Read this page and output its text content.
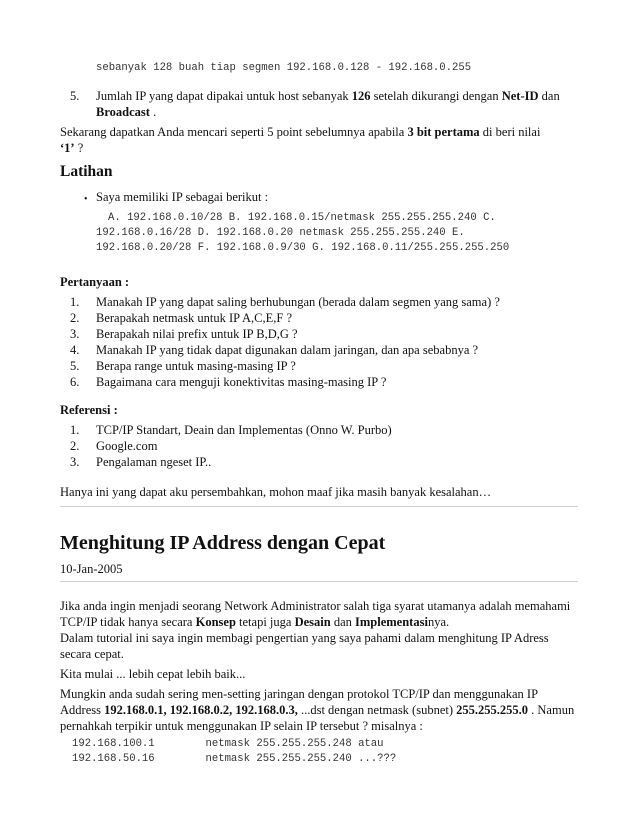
sebanyak 128 buah tiap segmen 192.168.0.128 - 192.168.0.255
5. Jumlah IP yang dapat dipakai untuk host sebanyak 126 setelah dikurangi dengan Net-ID dan
Broadcast .
Sekarang dapatkan Anda mencari seperti 5 point sebelumnya apabila 3 bit pertama di beri nilai
‘1’ ?
Latihan
• Saya memiliki IP sebagai berikut :
A. 192.168.0.10/28 B. 192.168.0.15/netmask 255.255.255.240 C.
192.168.0.16/28 D. 192.168.0.20 netmask 255.255.255.240 E.
192.168.0.20/28 F. 192.168.0.9/30 G. 192.168.0.11/255.255.255.250
Pertanyaan :
1. Manakah IP yang dapat saling berhubungan (berada dalam segmen yang sama) ?
2. Berapakah netmask untuk IP A,C,E,F ?
3. Berapakah nilai prefix untuk IP B,D,G ?
4. Manakah IP yang tidak dapat digunakan dalam jaringan, dan apa sebabnya ?
5. Berapa range untuk masing-masing IP ?
6. Bagaimana cara menguji konektivitas masing-masing IP ?
Referensi :
1. TCP/IP Standart, Deain dan Implementas (Onno W. Purbo)
2. Google.com
3. Pengalaman ngeset IP..
Hanya ini yang dapat aku persembahkan, mohon maaf jika masih banyak kesalahan…
Menghitung IP Address dengan Cepat
10-Jan-2005
Jika anda ingin menjadi seorang Network Administrator salah tiga syarat utamanya adalah memahami
TCP/IP tidak hanya secara Konsep tetapi juga Desain dan Implementasinya.
Dalam tutorial ini saya ingin membagi pengertian yang saya pahami dalam menghitung IP Adress
secara cepat.
Kita mulai ... lebih cepat lebih baik...
Mungkin anda sudah sering men-setting jaringan dengan protokol TCP/IP dan menggunakan IP
Address 192.168.0.1, 192.168.0.2, 192.168.0.3, ...dst dengan netmask (subnet) 255.255.255.0 . Namun
pernahkah terpikir untuk menggunakan IP selain IP tersebut ? misalnya :
192.168.100.1        netmask 255.255.255.248 atau
192.168.50.16        netmask 255.255.255.240 ...???
